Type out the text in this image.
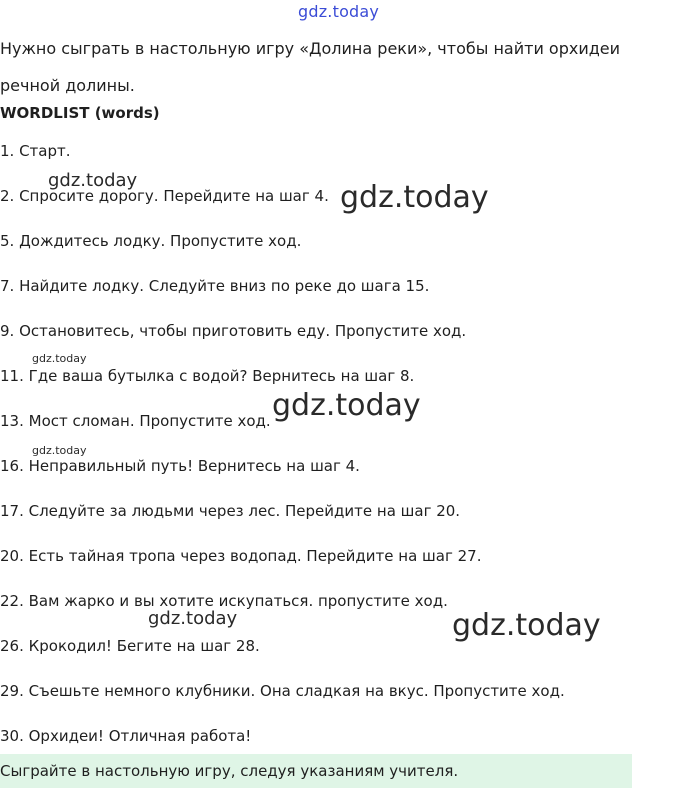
gdz.today

Нужно сыграть в настольную игру «Долина реки», чтобы найти орхидеи речной долины.

WORDLIST (words)

1. Старт.
2. Спросите дорогу. Перейдите на шаг 4.
5. Дождитесь лодку. Пропустите ход.
7. Найдите лодку. Следуйте вниз по реке до шага 15.
9. Остановитесь, чтобы приготовить еду. Пропустите ход.
11. Где ваша бутылка с водой? Вернитесь на шаг 8.
13. Мост сломан. Пропустите ход.
16. Неправильный путь! Вернитесь на шаг 4.
17. Следуйте за людьми через лес. Перейдите на шаг 20.
20. Есть тайная тропа через водопад. Перейдите на шаг 27.
22. Вам жарко и вы хотите искупаться. пропустите ход.
26. Крокодил! Бегите на шаг 28.
29. Съешьте немного клубники. Она сладкая на вкус. Пропустите ход.
30. Орхидеи! Отличная работа!
Сыграйте в настольную игру, следуя указаниям учителя.
gdz.today	gdz.today
gdz.today
gdz.today
gdz.today
gdz.today	gdz.today
